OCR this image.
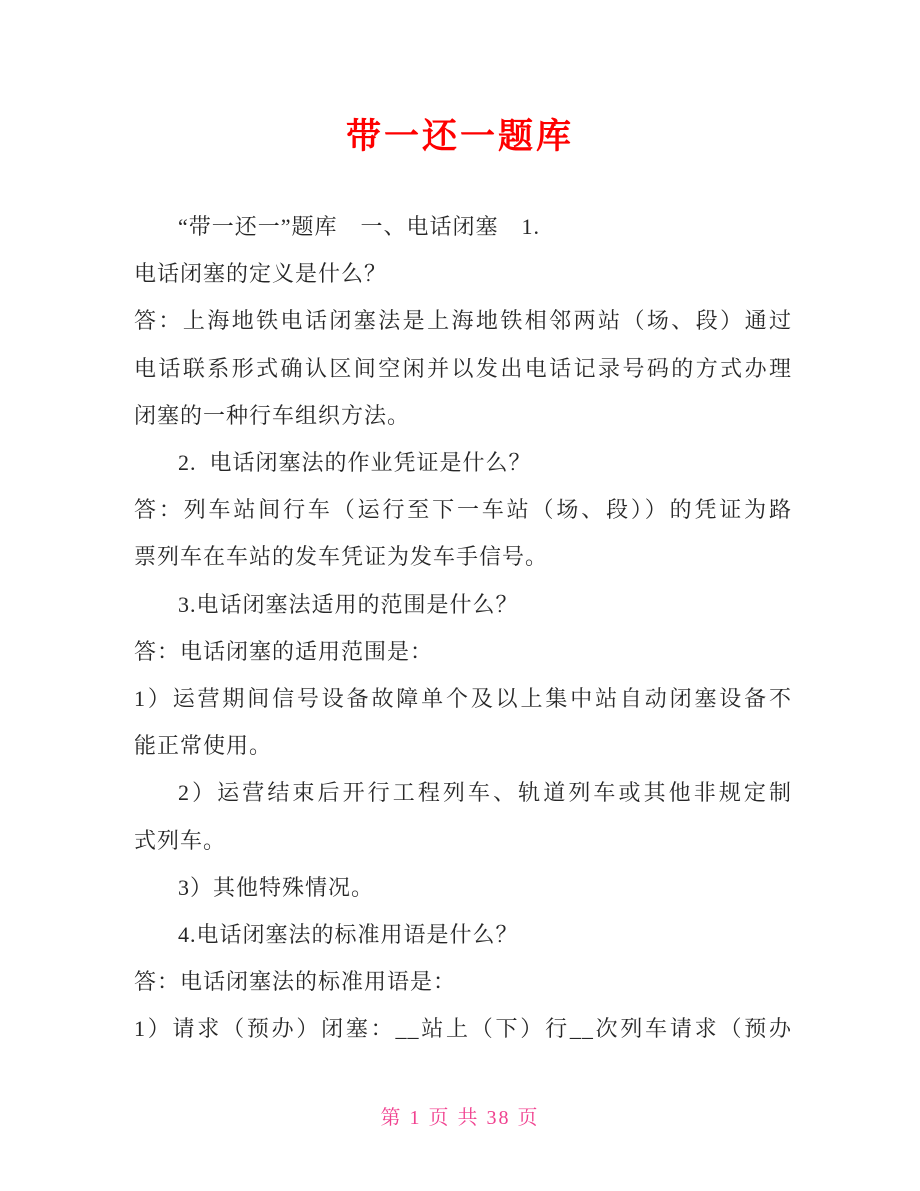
带一还一题库
“带一还一”题库　一、电话闭塞　1.
电话闭塞的定义是什么？
答：上海地铁电话闭塞法是上海地铁相邻两站（场、段）通过
电话联系形式确认区间空闲并以发出电话记录号码的方式办理
闭塞的一种行车组织方法。
2.  电话闭塞法的作业凭证是什么？
答：列车站间行车（运行至下一车站（场、段））的凭证为路
票列车在车站的发车凭证为发车手信号。
3.电话闭塞法适用的范围是什么？
答：电话闭塞的适用范围是：
1）运营期间信号设备故障单个及以上集中站自动闭塞设备不
能正常使用。
2）运营结束后开行工程列车、轨道列车或其他非规定制
式列车。
3）其他特殊情况。
4.电话闭塞法的标准用语是什么？
答：电话闭塞法的标准用语是：
1）请求（预办）闭塞：__站上（下）行__次列车请求（预办
第 1 页 共 38 页
